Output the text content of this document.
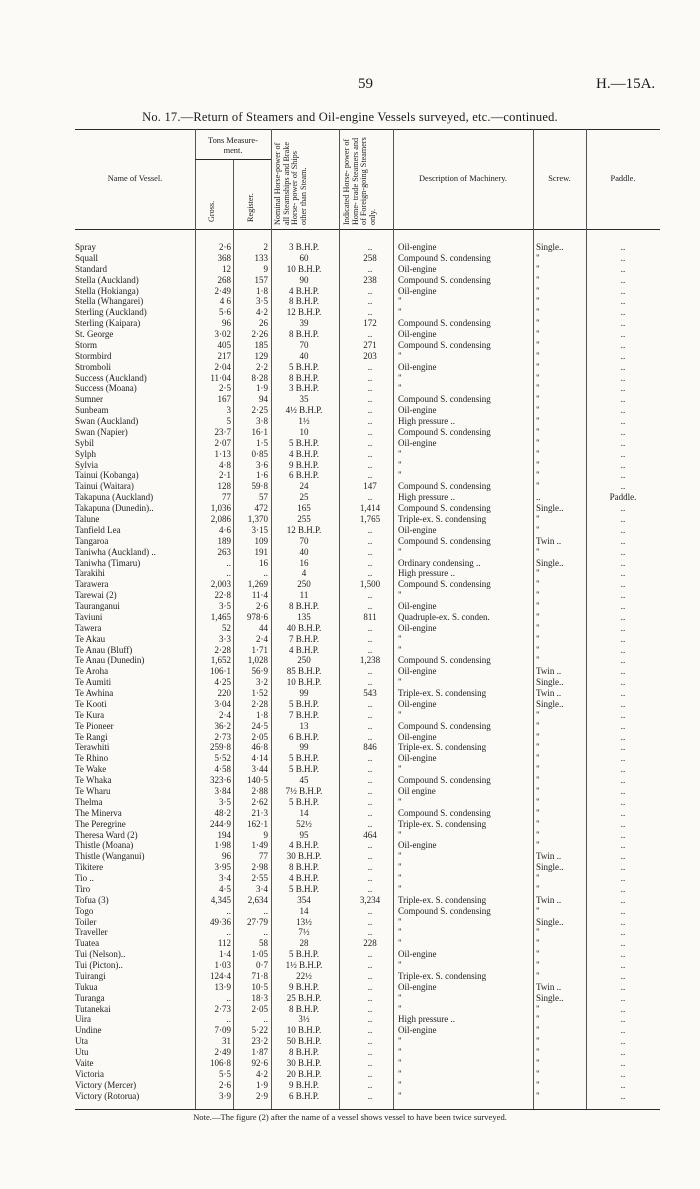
59	H.—15A.
No. 17.—Return of Steamers and Oil-engine Vessels surveyed, etc.—continued.
Name of Vessel.
Tons Measure- ment.
Gross.	Register. Nominal Horse-power of all Steamships and Brake Horse- power of Ships other than Steam.	Indicated Horse- power of Home- trade Steamers and of Foreign-going Steamers only.
Description of Machinery.	Screw.	Paddle.
Spray	2·6	2	3 B.H.P.	..	Oil-engine	Single..	..
Squall	368	133	60	258	Compound S. condensing	"	..
Standard	12	9	10 B.H.P.	..	Oil-engine	"	..
Stella (Auckland)	268	157	90	238	Compound S. condensing	"	..
Stella (Hokianga)	2·49	1·8	4 B.H.P.	..	Oil-engine	"	..
Stella (Whangarei)	4 6	3·5	8 B.H.P.	..	"	"	..
Sterling (Auckland)	5·6	4·2	12 B.H.P.	..	"	"	..
Sterling (Kaipara)	96	26	39	172	Compound S. condensing	"	..
St. George	3·02	2·26	8 B.H.P.	..	Oil-engine	"	..
Storm	405	185	70	271	Compound S. condensing	"	..
Stormbird	217	129	40	203	"	"	..
Stromboli	2·04	2·2	5 B.H.P.	..	Oil-engine	"	..
Success (Auckland)	11·04	8·28	8 B.H.P.	..	"	"	..
Success (Moana)	2·5	1·9	3 B.H.P.	..	"	"	..
Sumner	167	94	35	..	Compound S. condensing	"	..
Sunbeam	3	2·25	4½ B.H.P.	..	Oil-engine	"	..
Swan (Auckland)	5	3·8	1½	..	High pressure ..	"	..
Swan (Napier)	23·7	16·1	10	..	Compound S. condensing	"	..
Sybil	2·07	1·5	5 B.H.P.	..	Oil-engine	"	..
Sylph	1·13	0·85	4 B.H.P.	..	"	"	..
Sylvia	4·8	3·6	9 B.H.P.	..	"	"	..
Tainui (Kobanga)	2·1	1·6	6 B.H.P.	..	"	"	..
Tainui (Waitara)	128	59·8	24	147	Compound S. condensing	"	..
Takapuna (Auckland)	77	57	25	..	High pressure ..	..	Paddle.
Takapuna (Dunedin)..	1,036	472	165	1,414	Compound S. condensing	Single..	..
Talune	2,086	1,370	255	1,765	Triple-ex. S. condensing	"	..
Tanfield Lea	4·6	3·15	12 B.H.P.	..	Oil-engine	"	..
Tangaroa	189	109	70	..	Compound S. condensing	Twin ..	..
Taniwha (Auckland) ..	263	191	40	..	"	"	..
Taniwha (Timaru)	..	16	16	..	Ordinary condensing ..	Single..	..
Tarakihi	..	..	4	..	High pressure ..	"	..
Tarawera	2,003	1,269	250	1,500	Compound S. condensing	"	..
Tarewai (2)	22·8	11·4	11	..	"	"	..
Tauranganui	3·5	2·6	8 B.H.P.	..	Oil-engine	"	..
Taviuni	1,465	978·6	135	811	Quadruple-ex. S. conden.	"	..
Tawera	52	44	40 B.H.P.	..	Oil-engine	"	..
Te Akau	3·3	2·4	7 B.H.P.	..	"	"	..
Te Anau (Bluff)	2·28	1·71	4 B.H.P.	..	"	"	..
Te Anau (Dunedin)	1,652	1,028	250	1,238	Compound S. condensing	"	..
Te Aroha	106·1	56·9	85 B.H.P.	..	Oil-engine	Twin ..	..
Te Aumiti	4·25	3·2	10 B.H.P.	..	"	Single..	..
Te Awhina	220	1·52	99	543	Triple-ex. S. condensing	Twin ..	..
Te Kooti	3·04	2·28	5 B.H.P.	..	Oil-engine	Single..	..
Te Kura	2·4	1·8	7 B.H.P.	..	"	"	..
Te Pioneer	36·2	24·5	13	..	Compound S. condensing	"	..
Te Rangi	2·73	2·05	6 B.H.P.	..	Oil-engine	"	..
Terawhiti	259·8	46·8	99	846	Triple-ex. S. condensing	"	..
Te Rhino	5·52	4·14	5 B.H.P.	..	Oil-engine	"	..
Te Wake	4·58	3·44	5 B.H.P.	..	"	"	..
Te Whaka	323·6	140·5	45	..	Compound S. condensing	"	..
Te Wharu	3·84	2·88	7½ B.H.P.	..	Oil engine	"	..
Thelma	3·5	2·62	5 B.H.P.	..	"	"	..
The Minerva	48·2	21·3	14	..	Compound S. condensing	"	..
The Peregrine	244·9	162·1	52½	..	Triple-ex. S. condensing	"	..
Theresa Ward (2)	194	9	95	464	"	"	..
Thistle (Moana)	1·98	1·49	4 B.H.P.	..	Oil-engine	"	..
Thistle (Wanganui)	96	77	30 B.H.P.	..	"	Twin ..	..
Tikitere	3·95	2·98	8 B.H.P.	..	"	Single..	..
Tio ..	3·4	2·55	4 B.H.P.	..	"	"	..
Tiro	4·5	3·4	5 B.H.P.	..	"	"	..
Tofua (3)	4,345	2,634	354	3,234	Triple-ex. S. condensing	Twin ..	..
Togo	..	..	14	..	Compound S. condensing	"	..
Toiler	49·36	27·79	13½	..	"	Single..	..
Traveller	..	..	7½	..	"	"	..
Tuatea	112	58	28	228	"	"	..
Tui (Nelson)..	1·4	1·05	5 B.H.P.	..	Oil-engine	"	..
Tui (Picton)..	1·03	0·7	1½ B.H.P.	..	"	"	..
Tuirangi	124·4	71·8	22½	..	Triple-ex. S. condensing	"	..
Tukua	13·9	10·5	9 B.H.P.	..	Oil-engine	Twin ..	..
Turanga	..	18·3	25 B.H.P.	..	"	Single..	..
Tutanekai	2·73	2·05	8 B.H.P.	..	"	"	..
Uira	..	..	3½	..	High pressure ..	"	..
Undine	7·09	5·22	10 B.H.P.	..	Oil-engine	"	..
Uta	31	23·2	50 B.H.P.	..	"	"	..
Utu	2·49	1·87	8 B.H.P.	..	"	"	..
Vaite	106·8	92·6	30 B.H.P.	..	"	"	..
Victoria	5·5	4·2	20 B.H.P.	..	"	"	..
Victory (Mercer)	2·6	1·9	9 B.H.P.	..	"	"	..
Victory (Rotorua)	3·9	2·9	6 B.H.P.	..	"	"	..
Note.—The figure (2) after the name of a vessel shows vessel to have been twice surveyed.
